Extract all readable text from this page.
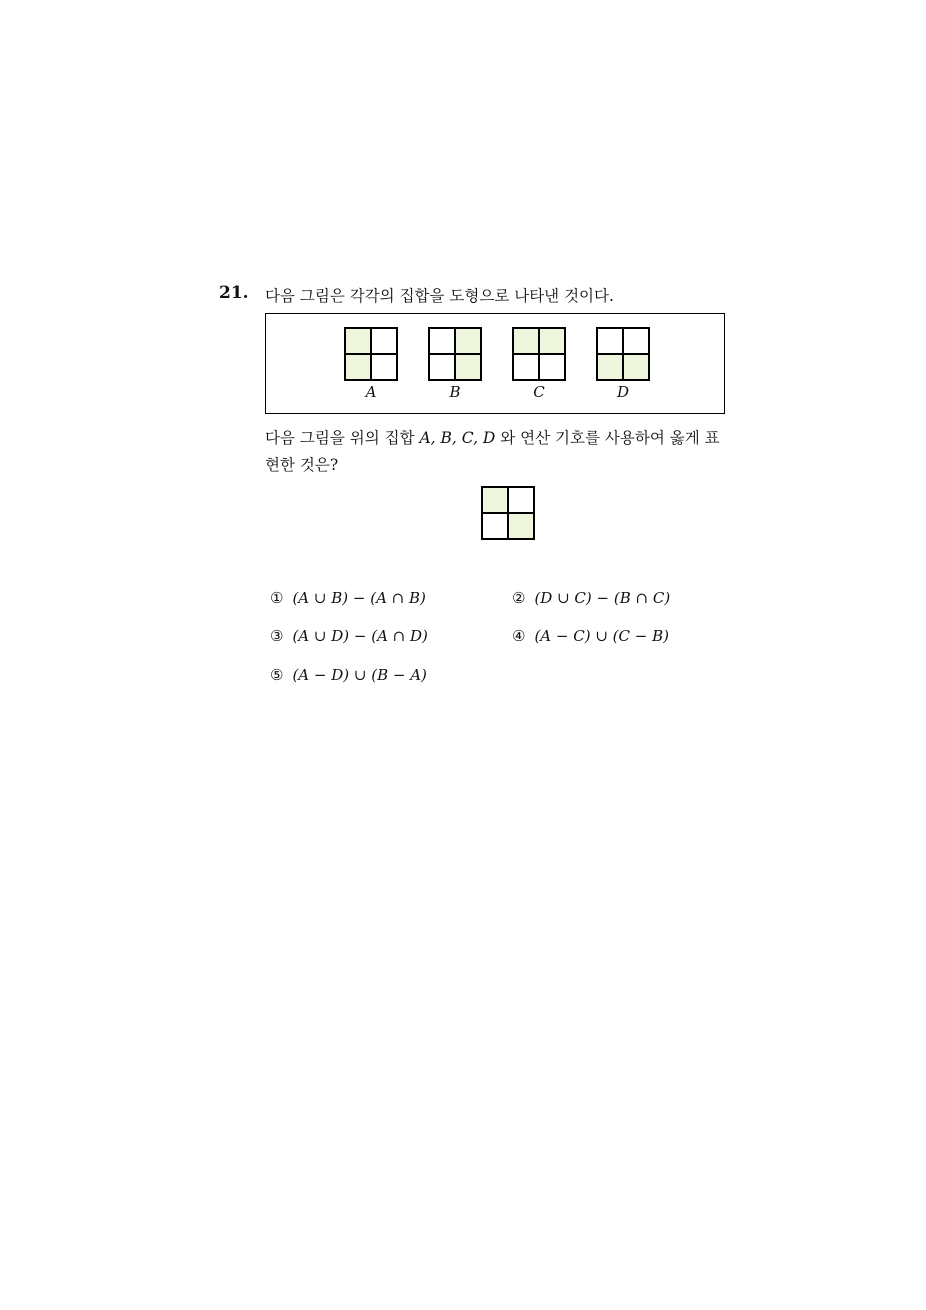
21. 다음 그림은 각각의 집합을 도형으로 나타낸 것이다.
A	B	C	D
다음 그림을 위의 집합 A, B, C, D 와 연산 기호를 사용하여 옳게 표현한 것은?
① (A ∪ B) − (A ∩ B)	② (D ∪ C) − (B ∩ C)
③ (A ∪ D) − (A ∩ D)	④ (A − C) ∪ (C − B)
⑤ (A − D) ∪ (B − A)
